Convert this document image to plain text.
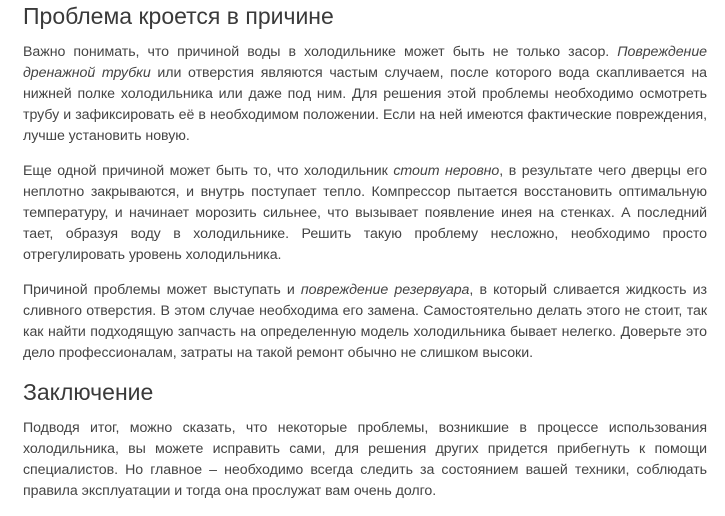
Проблема кроется в причине

Важно понимать, что причиной воды в холодильнике может быть не только засор. Повреждение дренажной трубки или отверстия являются частым случаем, после которого вода скапливается на нижней полке холодильника или даже под ним. Для решения этой проблемы необходимо осмотреть трубу и зафиксировать её в необходимом положении. Если на ней имеются фактические повреждения, лучше установить новую.

Еще одной причиной может быть то, что холодильник стоит неровно, в результате чего дверцы его неплотно закрываются, и внутрь поступает тепло. Компрессор пытается восстановить оптимальную температуру, и начинает морозить сильнее, что вызывает появление инея на стенках. А последний тает, образуя воду в холодильнике. Решить такую проблему несложно, необходимо просто отрегулировать уровень холодильника.

Причиной проблемы может выступать и повреждение резервуара, в который сливается жидкость из сливного отверстия. В этом случае необходима его замена. Самостоятельно делать этого не стоит, так как найти подходящую запчасть на определенную модель холодильника бывает нелегко. Доверьте это дело профессионалам, затраты на такой ремонт обычно не слишком высоки.

Заключение

Подводя итог, можно сказать, что некоторые проблемы, возникшие в процессе использования холодильника, вы можете исправить сами, для решения других придется прибегнуть к помощи специалистов. Но главное – необходимо всегда следить за состоянием вашей техники, соблюдать правила эксплуатации и тогда она прослужат вам очень долго.
